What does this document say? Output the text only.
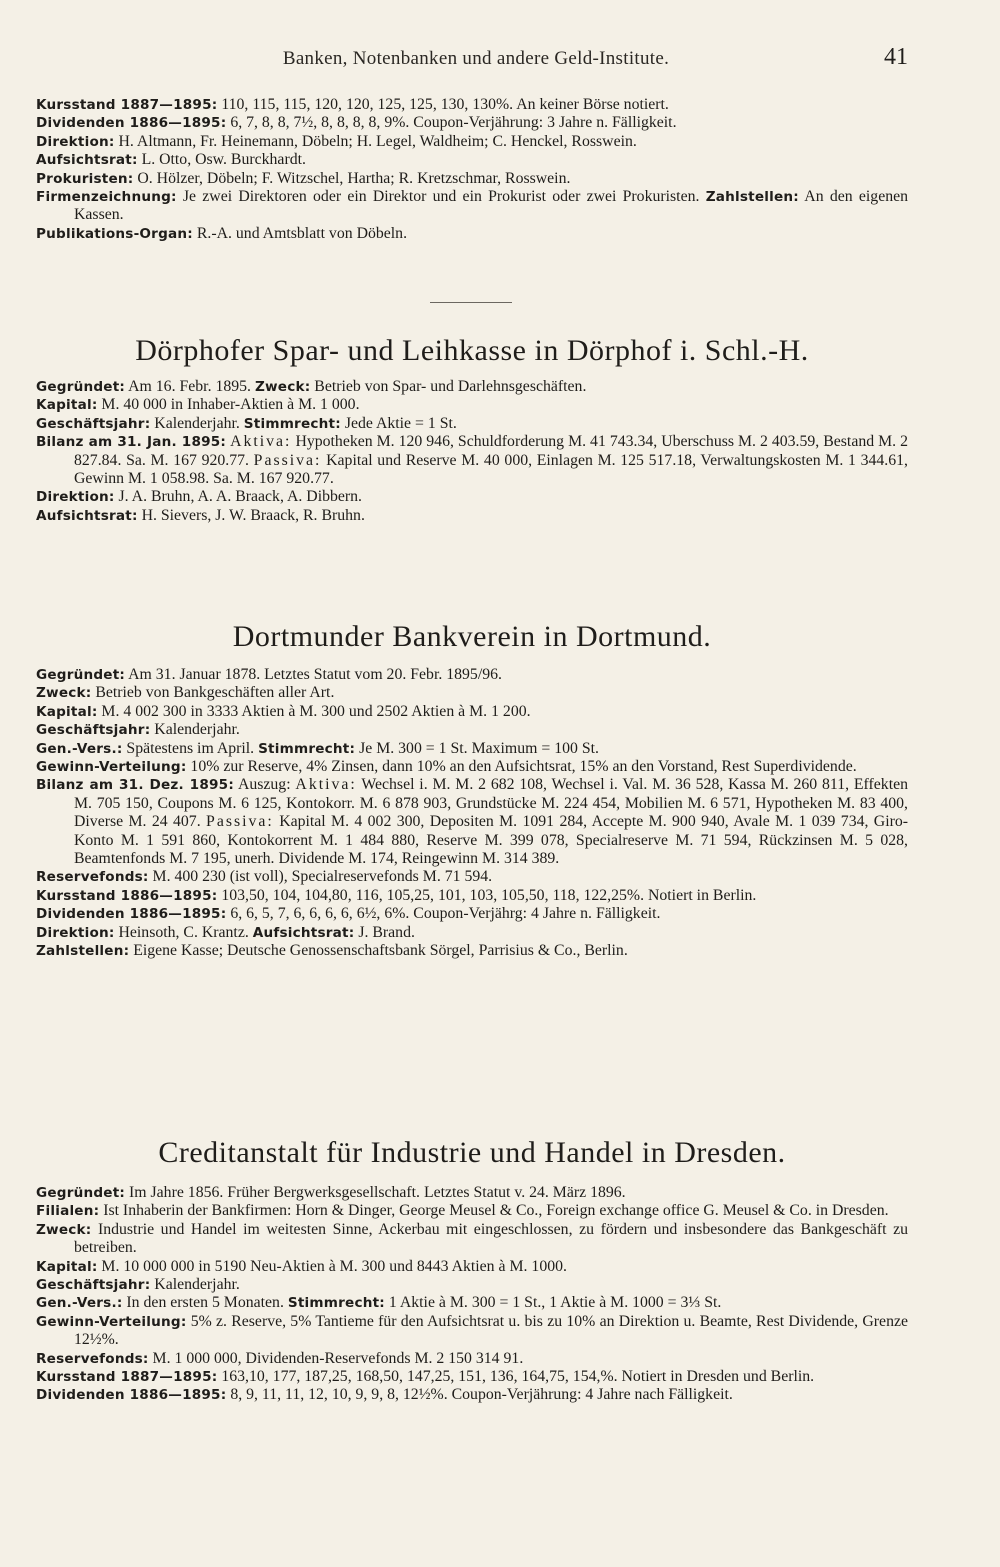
Banken, Notenbanken und andere Geld-Institute.	41

Kursstand 1887—1895: 110, 115, 115, 120, 120, 125, 125, 130, 130%. An keiner Börse notiert.

Dividenden 1886—1895: 6, 7, 8, 8, 7½, 8, 8, 8, 8, 9%. Coupon-Verjährung: 3 Jahre n. Fälligkeit.

Direktion: H. Altmann, Fr. Heinemann, Döbeln; H. Legel, Waldheim; C. Henckel, Rosswein.

Aufsichtsrat: L. Otto, Osw. Burckhardt.

Prokuristen: O. Hölzer, Döbeln; F. Witzschel, Hartha; R. Kretzschmar, Rosswein.

Firmenzeichnung: Je zwei Direktoren oder ein Direktor und ein Prokurist oder zwei Prokuristen. Zahlstellen: An den eigenen Kassen.

Publikations-Organ: R.-A. und Amtsblatt von Döbeln.

Dörphofer Spar- und Leihkasse in Dörphof i. Schl.-H.

Gegründet: Am 16. Febr. 1895. Zweck: Betrieb von Spar- und Darlehnsgeschäften.

Kapital: M. 40 000 in Inhaber-Aktien à M. 1 000.

Geschäftsjahr: Kalenderjahr. Stimmrecht: Jede Aktie = 1 St.

Bilanz am 31. Jan. 1895: Aktiva: Hypotheken M. 120 946, Schuldforderung M. 41 743.34, Uberschuss M. 2 403.59, Bestand M. 2 827.84. Sa. M. 167 920.77. Passiva: Kapital und Reserve M. 40 000, Einlagen M. 125 517.18, Verwaltungskosten M. 1 344.61, Gewinn M. 1 058.98. Sa. M. 167 920.77.

Direktion: J. A. Bruhn, A. A. Braack, A. Dibbern.

Aufsichtsrat: H. Sievers, J. W. Braack, R. Bruhn.

Dortmunder Bankverein in Dortmund.

Gegründet: Am 31. Januar 1878. Letztes Statut vom 20. Febr. 1895/96.

Zweck: Betrieb von Bankgeschäften aller Art.

Kapital: M. 4 002 300 in 3333 Aktien à M. 300 und 2502 Aktien à M. 1 200.

Geschäftsjahr: Kalenderjahr.

Gen.-Vers.: Spätestens im April. Stimmrecht: Je M. 300 = 1 St. Maximum = 100 St.

Gewinn-Verteilung: 10% zur Reserve, 4% Zinsen, dann 10% an den Aufsichtsrat, 15% an den Vorstand, Rest Superdividende.

Bilanz am 31. Dez. 1895: Auszug: Aktiva: Wechsel i. M. M. 2 682 108, Wechsel i. Val. M. 36 528, Kassa M. 260 811, Effekten M. 705 150, Coupons M. 6 125, Kontokorr. M. 6 878 903, Grundstücke M. 224 454, Mobilien M. 6 571, Hypotheken M. 83 400, Diverse M. 24 407. Passiva: Kapital M. 4 002 300, Depositen M. 1091 284, Accepte M. 900 940, Avale M. 1 039 734, Giro-Konto M. 1 591 860, Kontokorrent M. 1 484 880, Reserve M. 399 078, Specialreserve M. 71 594, Rückzinsen M. 5 028, Beamtenfonds M. 7 195, unerh. Dividende M. 174, Reingewinn M. 314 389.

Reservefonds: M. 400 230 (ist voll), Specialreservefonds M. 71 594.

Kursstand 1886—1895: 103,50, 104, 104,80, 116, 105,25, 101, 103, 105,50, 118, 122,25%. Notiert in Berlin.

Dividenden 1886—1895: 6, 6, 5, 7, 6, 6, 6, 6, 6½, 6%. Coupon-Verjährg: 4 Jahre n. Fälligkeit.

Direktion: Heinsoth, C. Krantz. Aufsichtsrat: J. Brand.

Zahlstellen: Eigene Kasse; Deutsche Genossenschaftsbank Sörgel, Parrisius & Co., Berlin.

Creditanstalt für Industrie und Handel in Dresden.

Gegründet: Im Jahre 1856. Früher Bergwerksgesellschaft. Letztes Statut v. 24. März 1896.

Filialen: Ist Inhaberin der Bankfirmen: Horn & Dinger, George Meusel & Co., Foreign exchange office G. Meusel & Co. in Dresden.

Zweck: Industrie und Handel im weitesten Sinne, Ackerbau mit eingeschlossen, zu fördern und insbesondere das Bankgeschäft zu betreiben.

Kapital: M. 10 000 000 in 5190 Neu-Aktien à M. 300 und 8443 Aktien à M. 1000.

Geschäftsjahr: Kalenderjahr.

Gen.-Vers.: In den ersten 5 Monaten. Stimmrecht: 1 Aktie à M. 300 = 1 St., 1 Aktie à M. 1000 = 3⅓ St.

Gewinn-Verteilung: 5% z. Reserve, 5% Tantieme für den Aufsichtsrat u. bis zu 10% an Direktion u. Beamte, Rest Dividende, Grenze 12½%.

Reservefonds: M. 1 000 000, Dividenden-Reservefonds M. 2 150 314 91.

Kursstand 1887—1895: 163,10, 177, 187,25, 168,50, 147,25, 151, 136, 164,75, 154,%. Notiert in Dresden und Berlin.

Dividenden 1886—1895: 8, 9, 11, 11, 12, 10, 9, 9, 8, 12½%. Coupon-Verjährung: 4 Jahre nach Fälligkeit.
